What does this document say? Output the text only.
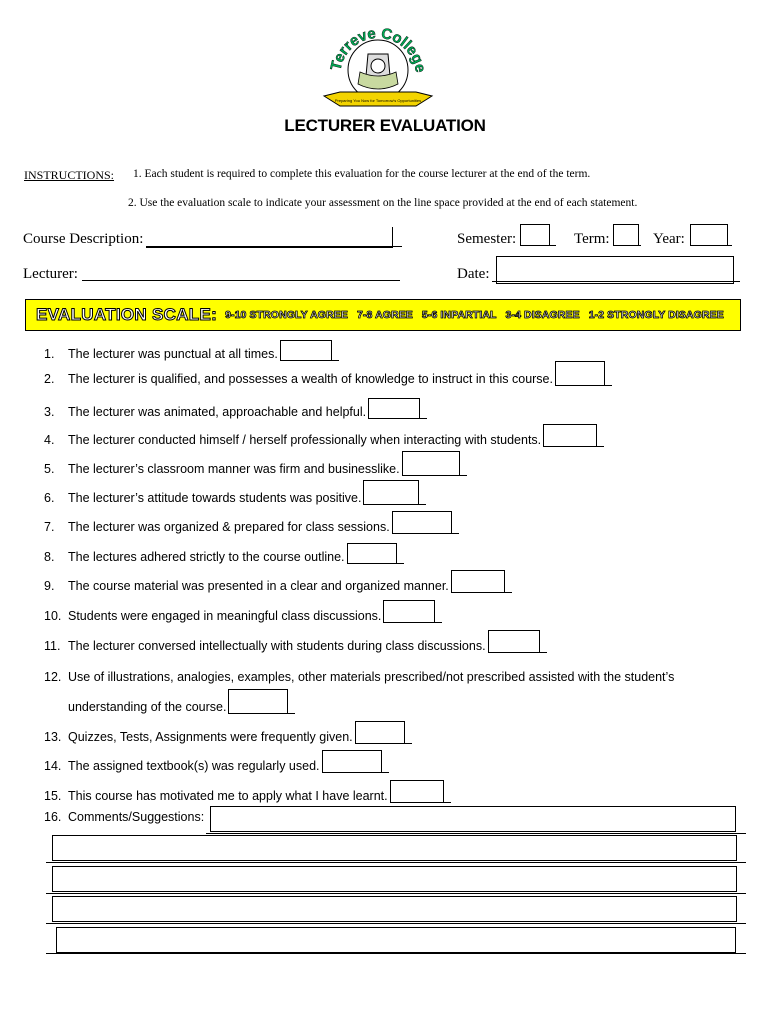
Terreve College
Preparing You Now for Tomorrow's Opportunities
LECTURER EVALUATION
INSTRUCTIONS: 1. Each student is required to complete this evaluation for the course lecturer at the end of the term.
2. Use the evaluation scale to indicate your assessment on the line space provided at the end of each statement.
Course Description:	Semester:	Term:	Year:
Lecturer:	Date:
EVALUATION SCALE: 9-10 STRONGLY AGREE 7-8 AGREE 5-6 INPARTIAL 3-4 DISAGREE 1-2 STRONGLY DISAGREE
1.	The lecturer was punctual at all times.
2.	The lecturer is qualified, and possesses a wealth of knowledge to instruct in this course.
3.	The lecturer was animated, approachable and helpful.
4.	The lecturer conducted himself / herself professionally when interacting with students.
5.	The lecturer’s classroom manner was firm and businesslike.
6.	The lecturer’s attitude towards students was positive.
7.	The lecturer was organized & prepared for class sessions.
8.	The lectures adhered strictly to the course outline.
9.	The course material was presented in a clear and organized manner.
10. Students were engaged in meaningful class discussions.
11. The lecturer conversed intellectually with students during class discussions.
12. Use of illustrations, analogies, examples, other materials prescribed/not prescribed assisted with the student’s
understanding of the course.
13. Quizzes, Tests, Assignments were frequently given.
14. The assigned textbook(s) was regularly used.
15. This course has motivated me to apply what I have learnt.
16. Comments/Suggestions:
